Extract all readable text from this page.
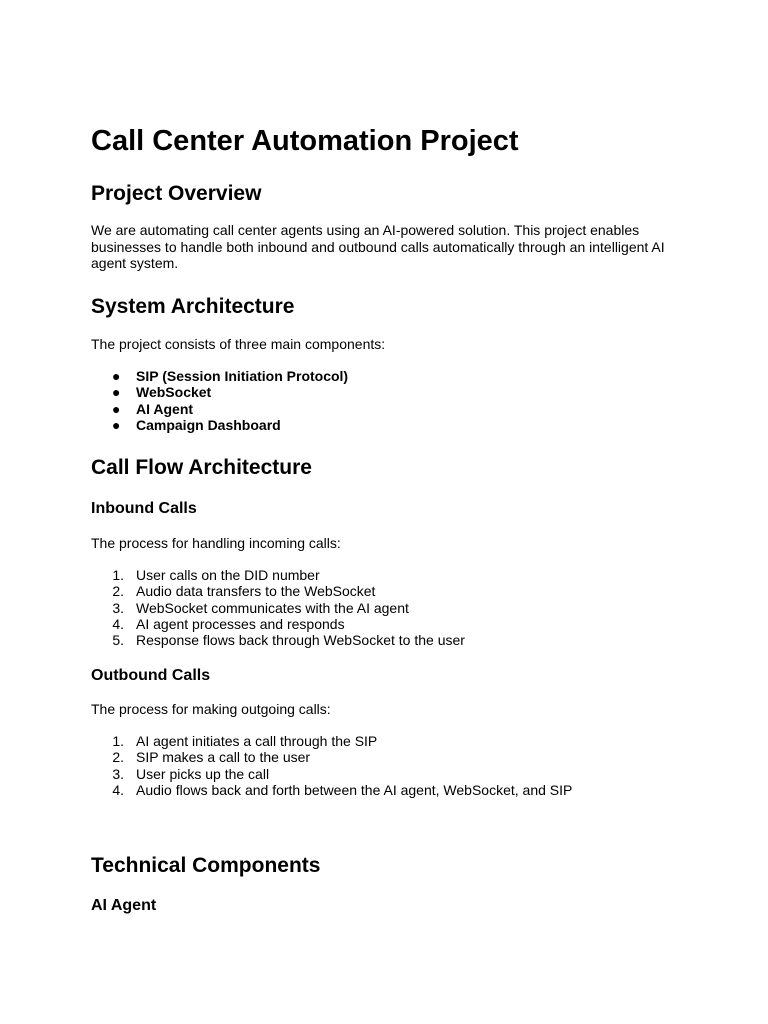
Call Center Automation Project
Project Overview

We are automating call center agents using an AI-powered solution. This project enables businesses to handle both inbound and outbound calls automatically through an intelligent AI agent system.

System Architecture

The project consists of three main components:

● SIP (Session Initiation Protocol)
● WebSocket
● AI Agent
● Campaign Dashboard
Call Flow Architecture
Inbound Calls

The process for handling incoming calls:

1. User calls on the DID number
2. Audio data transfers to the WebSocket
3. WebSocket communicates with the AI agent
4. AI agent processes and responds
5. Response flows back through WebSocket to the user
Outbound Calls

The process for making outgoing calls:

1. AI agent initiates a call through the SIP
2. SIP makes a call to the user
3. User picks up the call
4. Audio flows back and forth between the AI agent, WebSocket, and SIP
Technical Components
AI Agent
